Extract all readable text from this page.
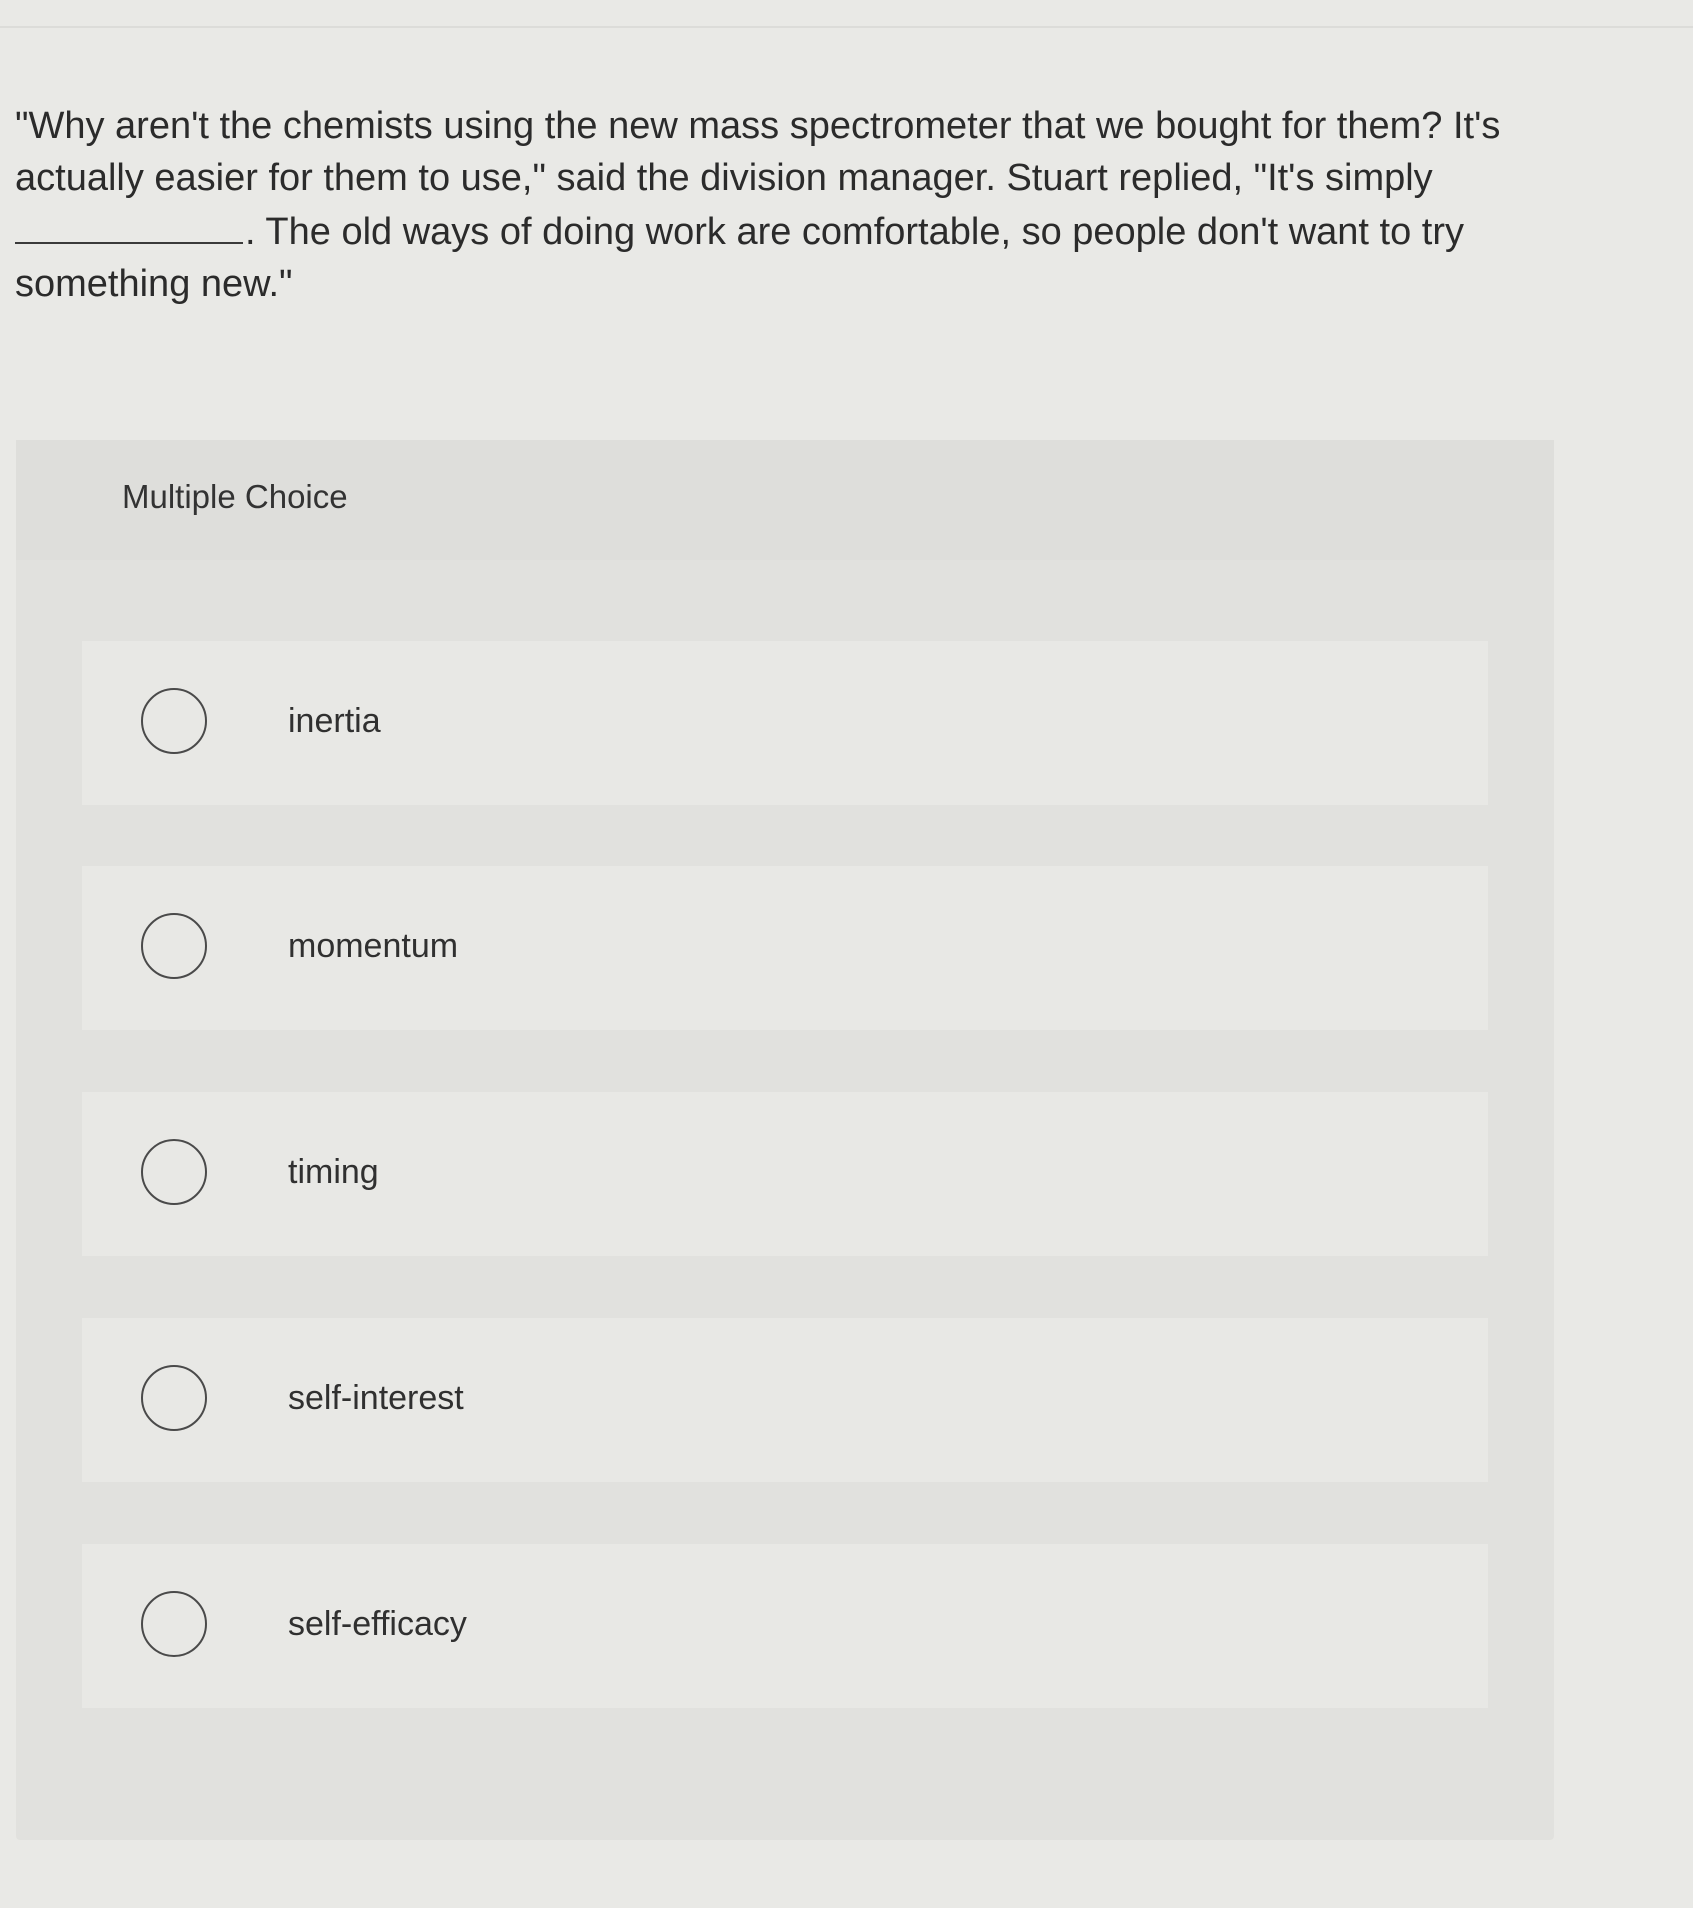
"Why aren't the chemists using the new mass spectrometer that we bought for them? It's actually easier for them to use," said the division manager. Stuart replied, "It's simply . The old ways of doing work are comfortable, so people don't want to try something new."

Multiple Choice
inertia
momentum
timing
self-interest
self-efficacy
